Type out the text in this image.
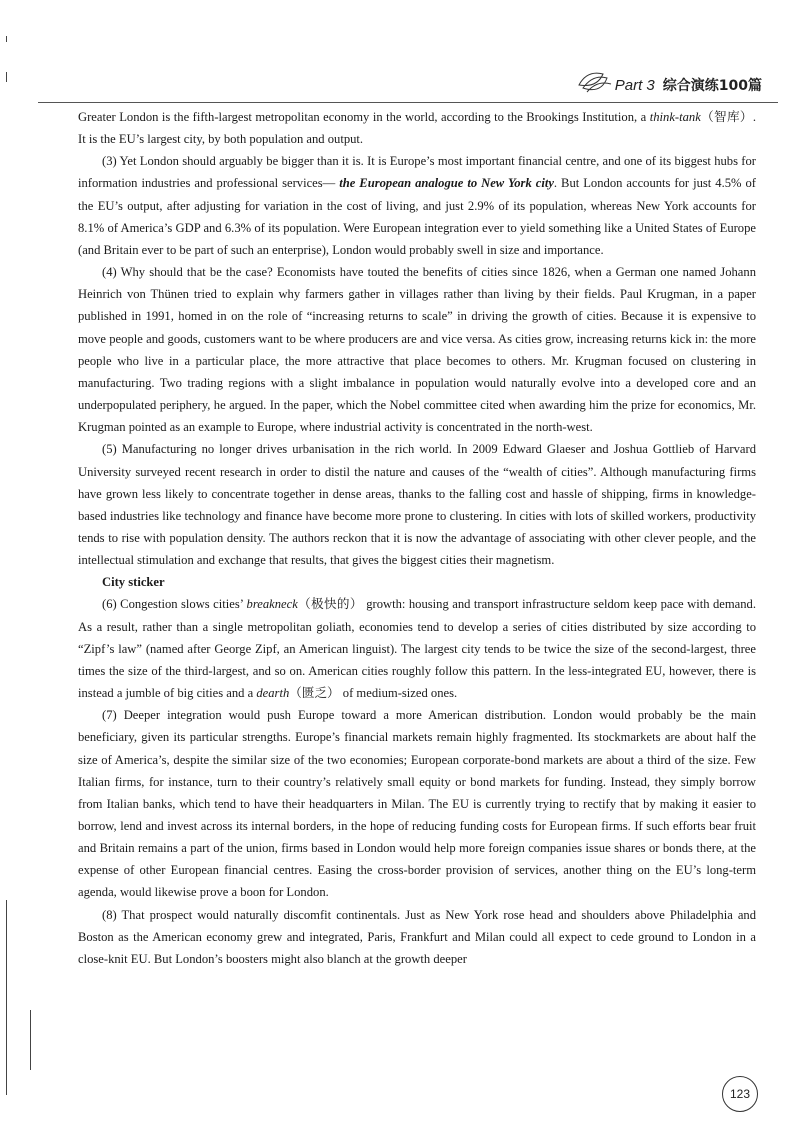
Part 3 综合演练100篇

Greater London is the fifth-largest metropolitan economy in the world, according to the Brookings Institution, a think-tank（智库）. It is the EU’s largest city, by both population and output.

(3) Yet London should arguably be bigger than it is. It is Europe’s most important financial centre, and one of its biggest hubs for information industries and professional services— the European analogue to New York city. But London accounts for just 4.5% of the EU’s output, after adjusting for variation in the cost of living, and just 2.9% of its population, whereas New York accounts for 8.1% of America’s GDP and 6.3% of its population. Were European integration ever to yield something like a United States of Europe (and Britain ever to be part of such an enterprise), London would probably swell in size and importance.

(4) Why should that be the case? Economists have touted the benefits of cities since 1826, when a German one named Johann Heinrich von Thünen tried to explain why farmers gather in villages rather than living by their fields. Paul Krugman, in a paper published in 1991, homed in on the role of “increasing returns to scale” in driving the growth of cities. Because it is expensive to move people and goods, customers want to be where producers are and vice versa. As cities grow, increasing returns kick in: the more people who live in a particular place, the more attractive that place becomes to others. Mr. Krugman focused on clustering in manufacturing. Two trading regions with a slight imbalance in population would naturally evolve into a developed core and an underpopulated periphery, he argued. In the paper, which the Nobel committee cited when awarding him the prize for economics, Mr. Krugman pointed as an example to Europe, where industrial activity is concentrated in the north-west.

(5) Manufacturing no longer drives urbanisation in the rich world. In 2009 Edward Glaeser and Joshua Gottlieb of Harvard University surveyed recent research in order to distil the nature and causes of the “wealth of cities”. Although manufacturing firms have grown less likely to concentrate together in dense areas, thanks to the falling cost and hassle of shipping, firms in knowledge-based industries like technology and finance have become more prone to clustering. In cities with lots of skilled workers, productivity tends to rise with population density. The authors reckon that it is now the advantage of associating with other clever people, and the intellectual stimulation and exchange that results, that gives the biggest cities their magnetism.

City sticker

(6) Congestion slows cities’ breakneck（极快的） growth: housing and transport infrastructure seldom keep pace with demand. As a result, rather than a single metropolitan goliath, economies tend to develop a series of cities distributed by size according to “Zipf’s law” (named after George Zipf, an American linguist). The largest city tends to be twice the size of the second-largest, three times the size of the third-largest, and so on. American cities roughly follow this pattern. In the less-integrated EU, however, there is instead a jumble of big cities and a dearth（匮乏） of medium-sized ones.

(7) Deeper integration would push Europe toward a more American distribution. London would probably be the main beneficiary, given its particular strengths. Europe’s financial markets remain highly fragmented. Its stockmarkets are about half the size of America’s, despite the similar size of the two economies; European corporate-bond markets are about a third of the size. Few Italian firms, for instance, turn to their country’s relatively small equity or bond markets for funding. Instead, they simply borrow from Italian banks, which tend to have their headquarters in Milan. The EU is currently trying to rectify that by making it easier to borrow, lend and invest across its internal borders, in the hope of reducing funding costs for European firms. If such efforts bear fruit and Britain remains a part of the union, firms based in London would help more foreign companies issue shares or bonds there, at the expense of other European financial centres. Easing the cross-border provision of services, another thing on the EU’s long-term agenda, would likewise prove a boon for London.

(8) That prospect would naturally discomfit continentals. Just as New York rose head and shoulders above Philadelphia and Boston as the American economy grew and integrated, Paris, Frankfurt and Milan could all expect to cede ground to London in a close-knit EU. But London’s boosters might also blanch at the growth deeper

123
